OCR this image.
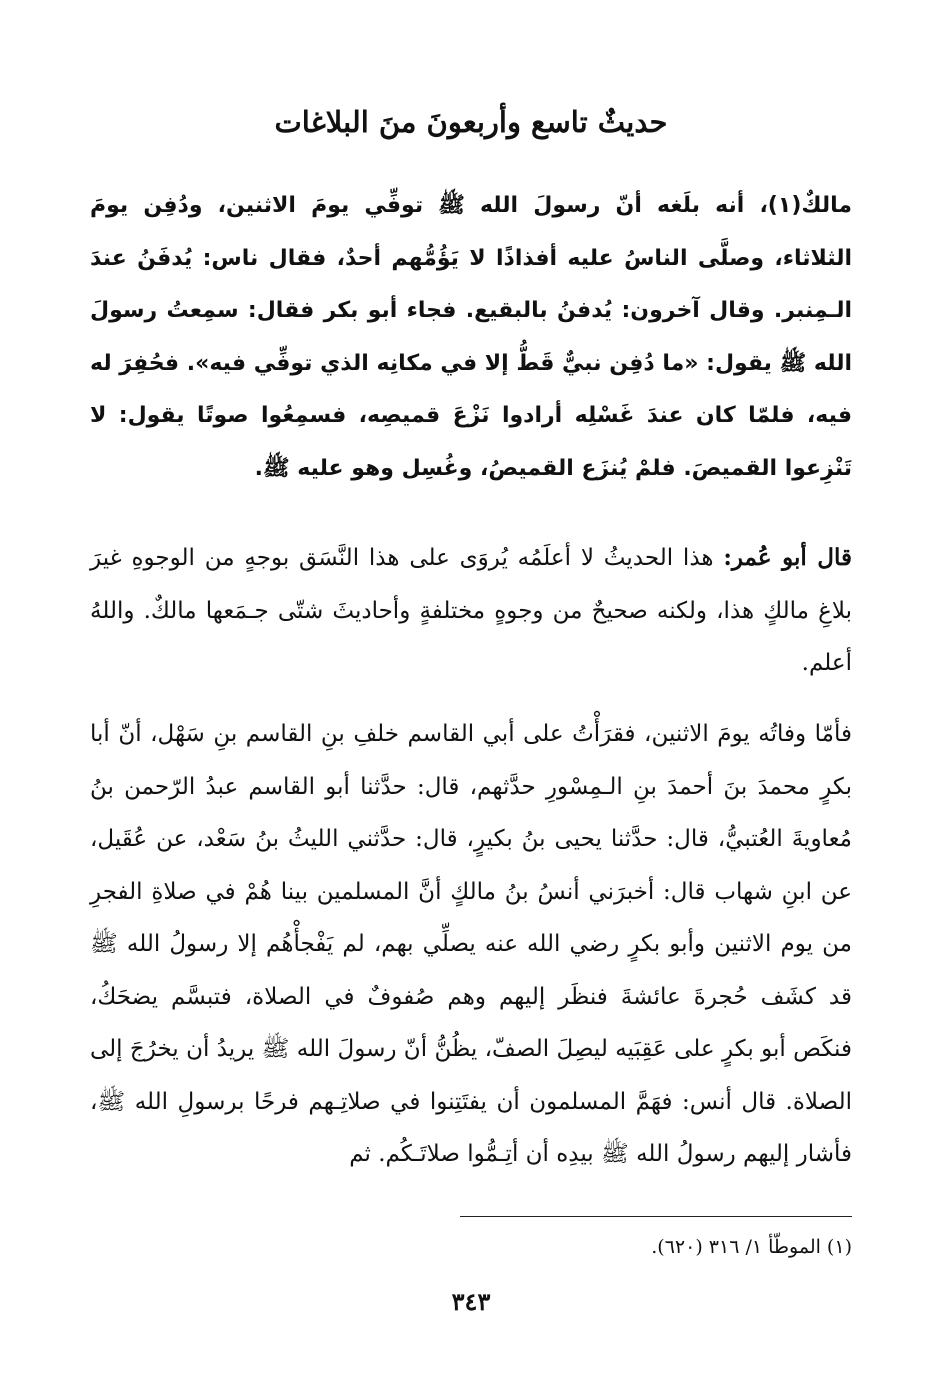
حديثٌ تاسع وأربعونَ منَ البلاغات

مالكٌ(١)، أنه بلَغه أنّ رسولَ الله ﷺ توفِّي يومَ الاثنين، ودُفِن يومَ الثلاثاء، وصلَّى الناسُ عليه أفذاذًا لا يَؤُمُّهم أحدٌ، فقال ناس: يُدفَنُ عندَ الـمِنبر. وقال آخرون: يُدفنُ بالبقيع. فجاء أبو بكر فقال: سمِعتُ رسولَ الله ﷺ يقول: «ما دُفِن نبيٌّ قَطُّ إلا في مكانِه الذي توفِّي فيه». فحُفِرَ له فيه، فلمّا كان عندَ غَسْلِه أرادوا نَزْعَ قميصِه، فسمِعُوا صوتًا يقول: لا تَنْزِعوا القميصَ. فلمْ يُنزَع القميصُ، وغُسِل وهو عليه ﷺ.

قال أبو عُمر: هذا الحديثُ لا أعلَمُه يُروَى على هذا النَّسَق بوجهٍ من الوجوهِ غيرَ بلاغِ مالكٍ هذا، ولكنه صحيحٌ من وجوهٍ مختلفةٍ وأحاديثَ شتّى جـمَعها مالكٌ. واللهُ أعلم.

فأمّا وفاتُه يومَ الاثنين، فقرَأْتُ على أبي القاسم خلفِ بنِ القاسم بنِ سَهْل، أنّ أبا بكرٍ محمدَ بنَ أحمدَ بنِ الـمِسْورِ حدَّثهم، قال: حدَّثنا أبو القاسم عبدُ الرّحمن بنُ مُعاويةَ العُتبيُّ، قال: حدَّثنا يحيى بنُ بكيرٍ، قال: حدَّثني الليثُ بنُ سَعْد، عن عُقَيل، عن ابنِ شهاب قال: أخبرَني أنسُ بنُ مالكٍ أنَّ المسلمين بينا هُمْ في صلاةِ الفجرِ من يوم الاثنين وأبو بكرٍ رضي الله عنه يصلِّي بهم، لم يَفْجأْهُم إلا رسولُ الله ﷺ قد كشَف حُجرةَ عائشةَ فنظَر إليهم وهم صُفوفٌ في الصلاة، فتبسَّم يضحَكُ، فنكَص أبو بكرٍ على عَقِبَيه ليصِلَ الصفّ، يظُنُّ أنّ رسولَ الله ﷺ يريدُ أن يخرُجَ إلى الصلاة. قال أنس: فهَمَّ المسلمون أن يفتَتِنوا في صلاتِـهم فرحًا برسولِ الله ﷺ، فأشار إليهم رسولُ الله ﷺ بيدِه أن أتِـمُّوا صلاتَـكُم. ثم

(١) الموطّأ ١/ ٣١٦ (٦٢٠).
٣٤٣
